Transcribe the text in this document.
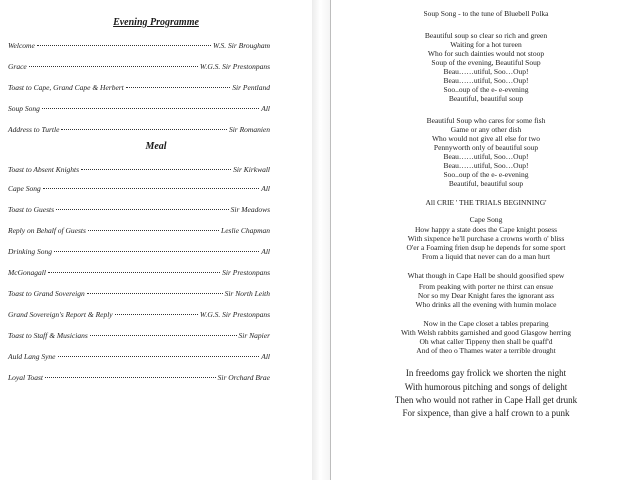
Evening Programme
Welcome	W.S. Sir Brougham
Grace	W.G.S. Sir Prestonpans
Toast to Cape, Grand Cape & Herbert	Sir Pentland
Soup Song	All
Address to Turtle	Sir Romanien
Meal
Toast to Absent Knights	Sir Kirkwall
Cape Song	All
Toast to Guests	Sir Meadows
Reply on Behalf of Guests	Leslie Chapman
Drinking Song	All
McGonagall	Sir Prestonpans
Toast to Grand Sovereign	Sir North Leith
Grand Sovereign's Report & Reply	W.G.S. Sir Prestonpans
Toast to Staff & Musicians	Sir Napier
Auld Lang Syne	All
Loyal Toast	Sir Orchard Brae
Soup Song - to the tune of Bluebell Polka
Beautiful soup so clear so rich and green
Waiting for a hot tureen
Who for such dainties would not stoop
Soup of the evening, Beautiful Soup
Beau……utiful, Soo…Oup!
Beau……utiful, Soo…Oup!
Soo..oup of the e- e-evening
Beautiful, beautiful soup
Beautiful Soup who cares for some fish
Game or any other dish
Who would not give all else for two
Pennyworth only of beautiful soup
Beau……utiful, Soo…Oup!
Beau……utiful, Soo…Oup!
Soo..oup of the e- e-evening
Beautiful, beautiful soup
All CRIE ' THE TRIALS BEGINNING'
Cape Song
How happy a state does the Cape knight posess
With sixpence he'll purchase a crowns worth o' bliss
O'er a Foaming frien dsup he depends for some sport
From a liquid that never can do a man hurt
What though in Cape Hall be should goosified spew
From peaking with porter ne thirst can ensue
Nor so my Dear Knight fares the ignorant ass
Who drinks all the evening with humin molace
Now in the Cape closet a tables preparing
With Welsh rabbits garnished and good Glasgow herring
Oh what caller Tippeny then shall be quaff'd
And of theo o Thames water a terrible drought
In freedoms gay frolick we shorten the night
With humorous pitching and songs of delight
Then who would not rather in Cape Hall get drunk
For sixpence, than give a half crown to a punk
